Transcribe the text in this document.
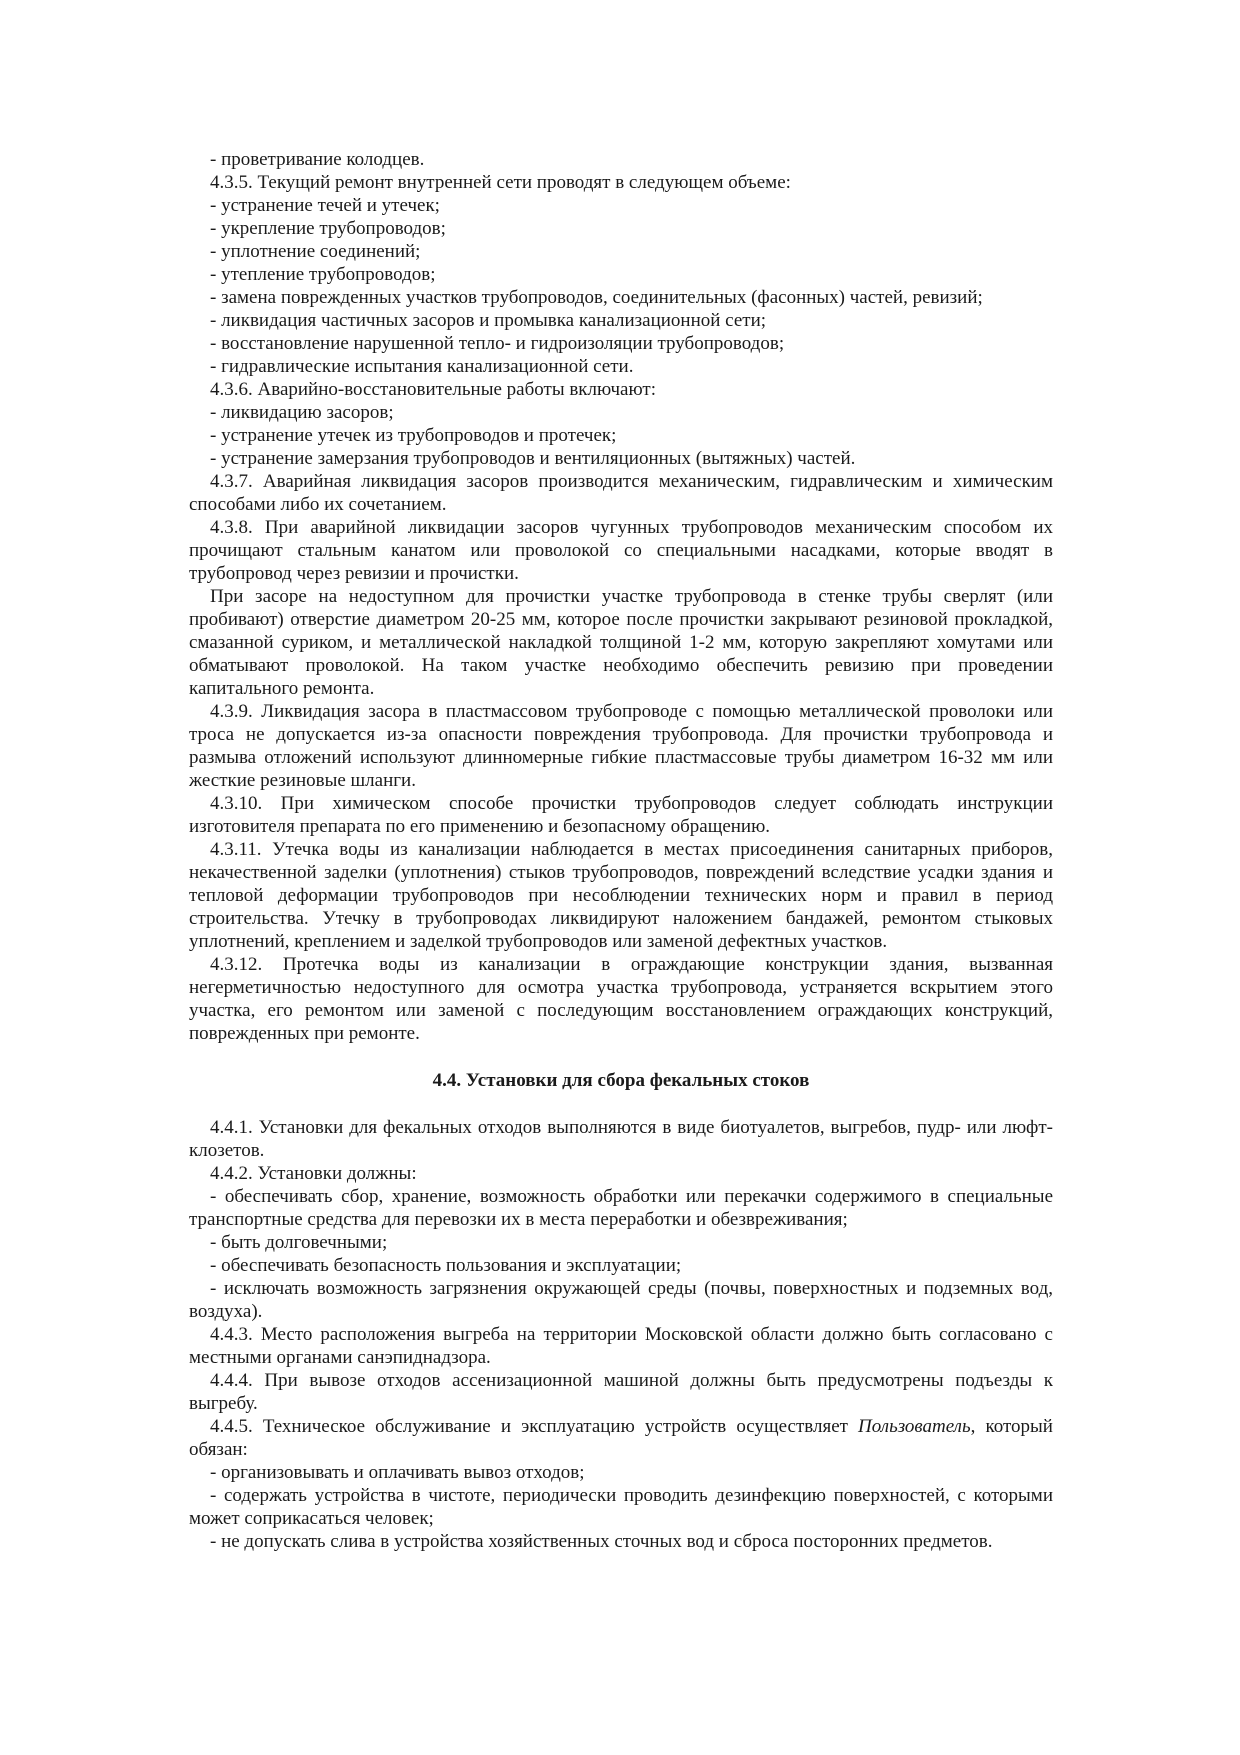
- проветривание колодцев.

4.3.5. Текущий ремонт внутренней сети проводят в следующем объеме:

- устранение течей и утечек;

- укрепление трубопроводов;

- уплотнение соединений;

- утепление трубопроводов;

- замена поврежденных участков трубопроводов, соединительных (фасонных) частей, ревизий;

- ликвидация частичных засоров и промывка канализационной сети;

- восстановление нарушенной тепло- и гидроизоляции трубопроводов;

- гидравлические испытания канализационной сети.

4.3.6. Аварийно-восстановительные работы включают:

- ликвидацию засоров;

- устранение утечек из трубопроводов и протечек;

- устранение замерзания трубопроводов и вентиляционных (вытяжных) частей.

4.3.7. Аварийная ликвидация засоров производится механическим, гидравлическим и химическим способами либо их сочетанием.

4.3.8. При аварийной ликвидации засоров чугунных трубопроводов механическим способом их прочищают стальным канатом или проволокой со специальными насадками, которые вводят в трубопровод через ревизии и прочистки.

При засоре на недоступном для прочистки участке трубопровода в стенке трубы сверлят (или пробивают) отверстие диаметром 20-25 мм, которое после прочистки закрывают резиновой прокладкой, смазанной суриком, и металлической накладкой толщиной 1-2 мм, которую закрепляют хомутами или обматывают проволокой. На таком участке необходимо обеспечить ревизию при проведении капитального ремонта.

4.3.9. Ликвидация засора в пластмассовом трубопроводе с помощью металлической проволоки или троса не допускается из-за опасности повреждения трубопровода. Для прочистки трубопровода и размыва отложений используют длинномерные гибкие пластмассовые трубы диаметром 16-32 мм или жесткие резиновые шланги.

4.3.10. При химическом способе прочистки трубопроводов следует соблюдать инструкции изготовителя препарата по его применению и безопасному обращению.

4.3.11. Утечка воды из канализации наблюдается в местах присоединения санитарных приборов, некачественной заделки (уплотнения) стыков трубопроводов, повреждений вследствие усадки здания и тепловой деформации трубопроводов при несоблюдении технических норм и правил в период строительства. Утечку в трубопроводах ликвидируют наложением бандажей, ремонтом стыковых уплотнений, креплением и заделкой трубопроводов или заменой дефектных участков.

4.3.12. Протечка воды из канализации в ограждающие конструкции здания, вызванная негерметичностью недоступного для осмотра участка трубопровода, устраняется вскрытием этого участка, его ремонтом или заменой с последующим восстановлением ограждающих конструкций, поврежденных при ремонте.

4.4. Установки для сбора фекальных стоков

4.4.1. Установки для фекальных отходов выполняются в виде биотуалетов, выгребов, пудр- или люфт-клозетов.

4.4.2. Установки должны:

- обеспечивать сбор, хранение, возможность обработки или перекачки содержимого в специальные транспортные средства для перевозки их в места переработки и обезвреживания;

- быть долговечными;

- обеспечивать безопасность пользования и эксплуатации;

- исключать возможность загрязнения окружающей среды (почвы, поверхностных и подземных вод, воздуха).

4.4.3. Место расположения выгреба на территории Московской области должно быть согласовано с местными органами санэпиднадзора.

4.4.4. При вывозе отходов ассенизационной машиной должны быть предусмотрены подъезды к выгребу.

4.4.5. Техническое обслуживание и эксплуатацию устройств осуществляет Пользователь, который обязан:

- организовывать и оплачивать вывоз отходов;

- содержать устройства в чистоте, периодически проводить дезинфекцию поверхностей, с которыми может соприкасаться человек;

- не допускать слива в устройства хозяйственных сточных вод и сброса посторонних предметов.
